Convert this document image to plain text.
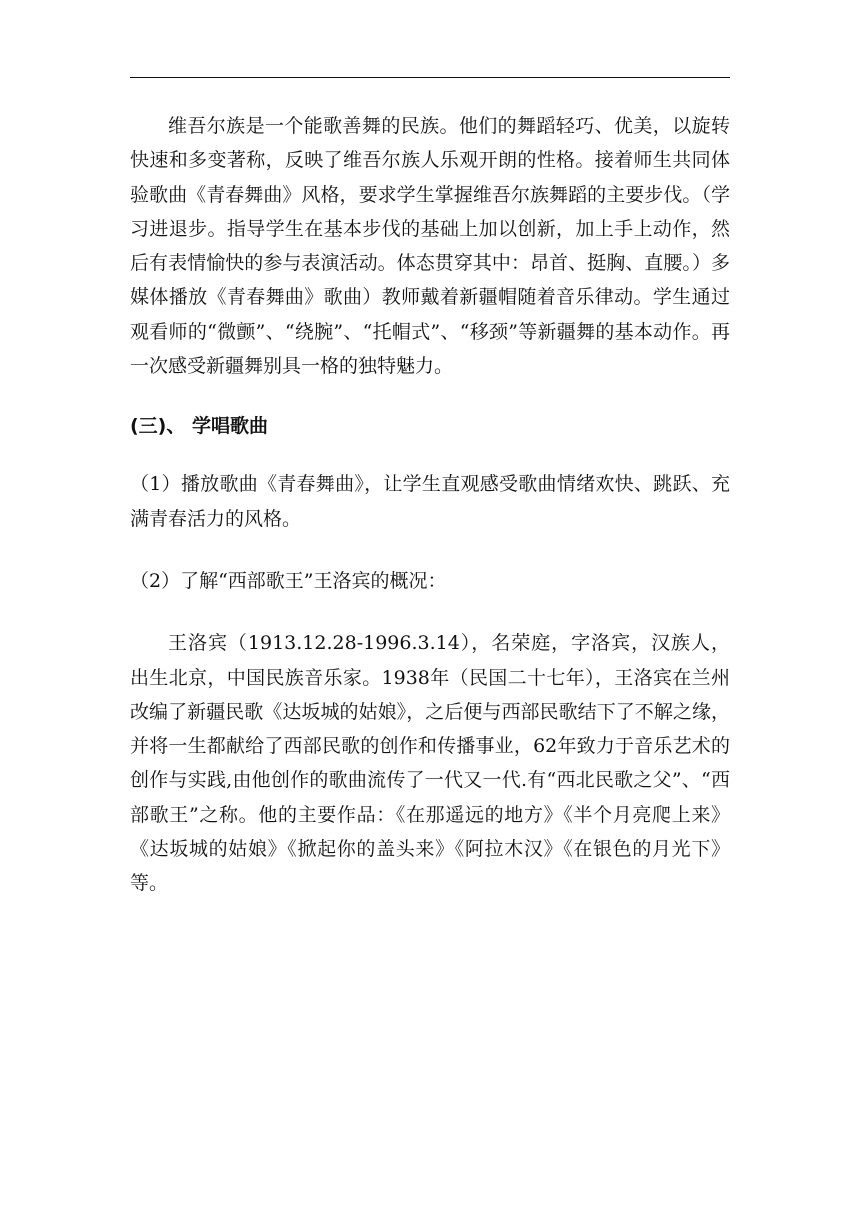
维吾尔族是一个能歌善舞的民族。他们的舞蹈轻巧、优美，以旋转快速和多变著称，反映了维吾尔族人乐观开朗的性格。接着师生共同体验歌曲《青春舞曲》风格，要求学生掌握维吾尔族舞蹈的主要步伐。（学习进退步。指导学生在基本步伐的基础上加以创新，加上手上动作，然后有表情愉快的参与表演活动。体态贯穿其中：昂首、挺胸、直腰。）多媒体播放《青春舞曲》歌曲）教师戴着新疆帽随着音乐律动。学生通过观看师的“微颤”、“绕腕”、“托帽式”、“移颈”等新疆舞的基本动作。再一次感受新疆舞别具一格的独特魅力。

(三)、 学唱歌曲

（1）播放歌曲《青春舞曲》，让学生直观感受歌曲情绪欢快、跳跃、充满青春活力的风格。

（2）了解“西部歌王”王洛宾的概况：

王洛宾（1913.12.28-1996.3.14），名荣庭，字洛宾，汉族人，出生北京，中国民族音乐家。1938年（民国二十七年），王洛宾在兰州改编了新疆民歌《达坂城的姑娘》，之后便与西部民歌结下了不解之缘，并将一生都献给了西部民歌的创作和传播事业，62年致力于音乐艺术的创作与实践,由他创作的歌曲流传了一代又一代.有“西北民歌之父”、“西部歌王”之称。他的主要作品：《在那遥远的地方》《半个月亮爬上来》《达坂城的姑娘》《掀起你的盖头来》《阿拉木汉》《在银色的月光下》等。
